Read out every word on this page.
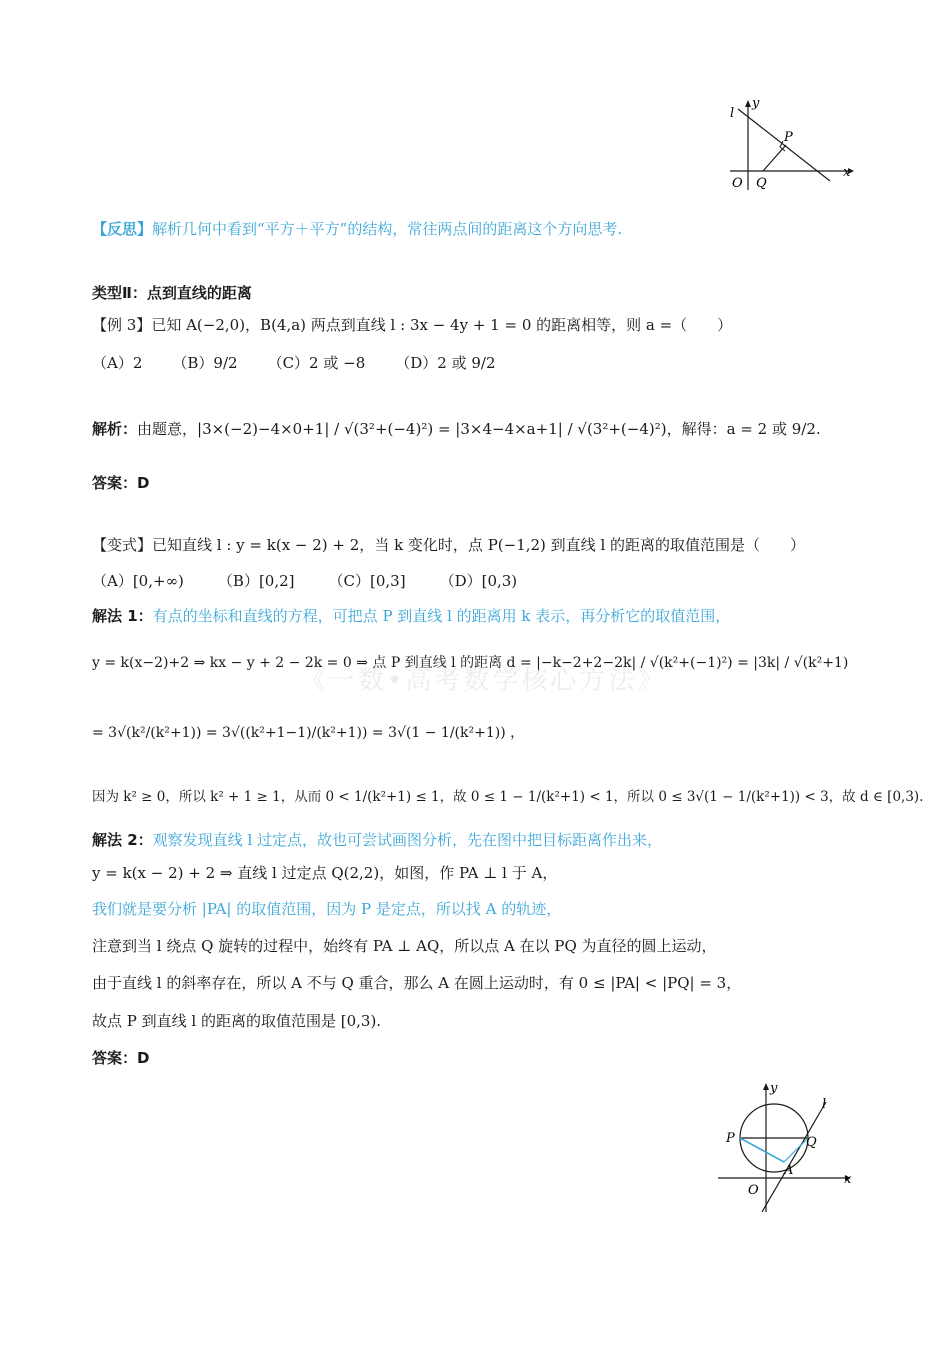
l
y
P
x
O Q
【反思】解析几何中看到“平方＋平方”的结构，常往两点间的距离这个方向思考.
类型Ⅱ：点到直线的距离
【例 3】已知 A(−2,0)，B(4,a) 两点到直线 l : 3x − 4y + 1 = 0 的距离相等，则 a =（　　）
（A）2 （B）9/2 （C）2 或 −8 （D）2 或 9/2
解析：由题意，|3×(−2)−4×0+1| / √(3²+(−4)²) = |3×4−4×a+1| / √(3²+(−4)²)，解得：a = 2 或 9/2.
答案：D
【变式】已知直线 l : y = k(x − 2) + 2，当 k 变化时，点 P(−1,2) 到直线 l 的距离的取值范围是（　　）
（A）[0,+∞) （B）[0,2] （C）[0,3] （D）[0,3)
解法 1：有点的坐标和直线的方程，可把点 P 到直线 l 的距离用 k 表示，再分析它的取值范围，
y = k(x−2)+2 ⇒ kx − y + 2 − 2k = 0 ⇒ 点 P 到直线 l 的距离 d = |−k−2+2−2k| / √(k²+(−1)²) = |3k| / √(k²+1)
= 3√(k²/(k²+1)) = 3√((k²+1−1)/(k²+1)) = 3√(1 − 1/(k²+1)) ，
因为 k² ≥ 0，所以 k² + 1 ≥ 1，从而 0 < 1/(k²+1) ≤ 1，故 0 ≤ 1 − 1/(k²+1) < 1，所以 0 ≤ 3√(1 − 1/(k²+1)) < 3，故 d ∈ [0,3).
解法 2：观察发现直线 l 过定点，故也可尝试画图分析，先在图中把目标距离作出来，
y = k(x − 2) + 2 ⇒ 直线 l 过定点 Q(2,2)，如图，作 PA ⊥ l 于 A，
我们就是要分析 |PA| 的取值范围，因为 P 是定点，所以找 A 的轨迹，
注意到当 l 绕点 Q 旋转的过程中，始终有 PA ⊥ AQ，所以点 A 在以 PQ 为直径的圆上运动，
由于直线 l 的斜率存在，所以 A 不与 Q 重合，那么 A 在圆上运动时，有 0 ≤ |PA| < |PQ| = 3，
故点 P 到直线 l 的距离的取值范围是 [0,3).
答案：D
《一数•高考数学核心方法》
y
l
P	Q
A
x
O
